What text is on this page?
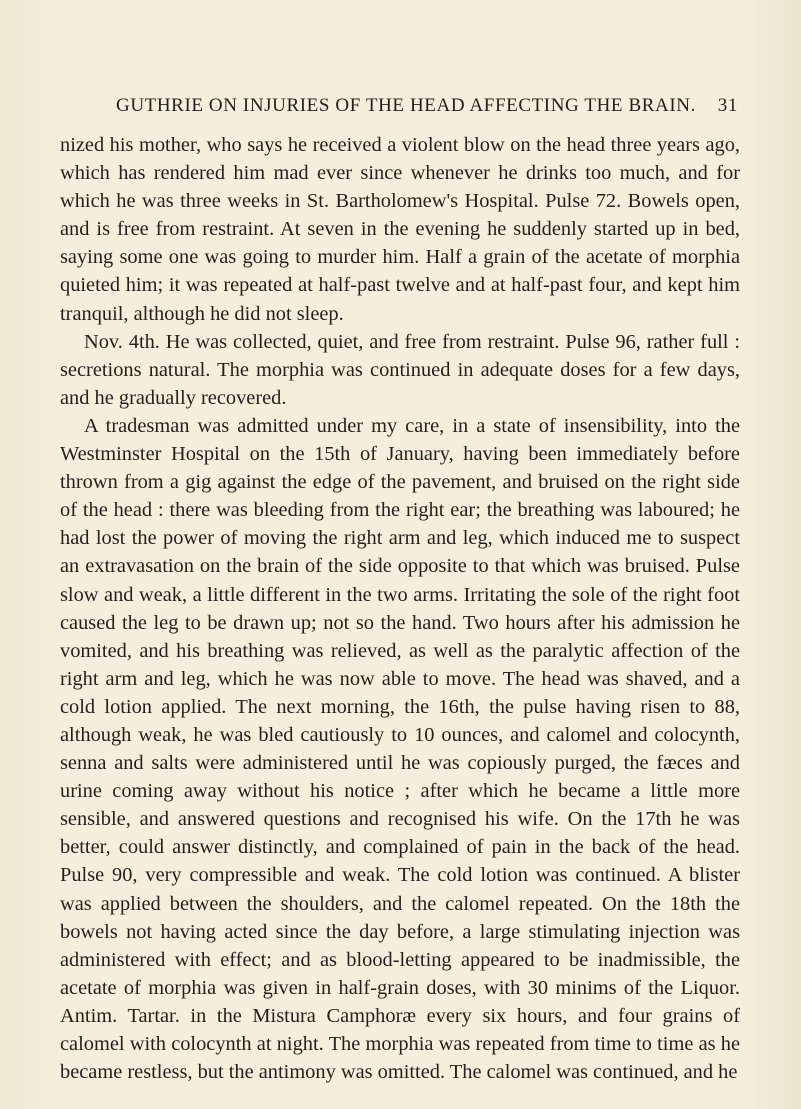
GUTHRIE ON INJURIES OF THE HEAD AFFECTING THE BRAIN. 31

nized his mother, who says he received a violent blow on the head three years ago, which has rendered him mad ever since whenever he drinks too much, and for which he was three weeks in St. Bartholomew's Hospital. Pulse 72. Bowels open, and is free from restraint. At seven in the evening he suddenly started up in bed, saying some one was going to murder him. Half a grain of the acetate of morphia quieted him; it was repeated at half-past twelve and at half-past four, and kept him tranquil, although he did not sleep.

Nov. 4th. He was collected, quiet, and free from restraint. Pulse 96, rather full : secretions natural. The morphia was continued in adequate doses for a few days, and he gradually recovered.

A tradesman was admitted under my care, in a state of insensibility, into the Westminster Hospital on the 15th of January, having been immediately before thrown from a gig against the edge of the pavement, and bruised on the right side of the head : there was bleeding from the right ear; the breathing was laboured; he had lost the power of moving the right arm and leg, which induced me to suspect an extravasation on the brain of the side opposite to that which was bruised. Pulse slow and weak, a little different in the two arms. Irritating the sole of the right foot caused the leg to be drawn up; not so the hand. Two hours after his admission he vomited, and his breathing was relieved, as well as the paralytic affection of the right arm and leg, which he was now able to move. The head was shaved, and a cold lotion applied. The next morning, the 16th, the pulse having risen to 88, although weak, he was bled cautiously to 10 ounces, and calomel and colocynth, senna and salts were administered until he was copiously purged, the fæces and urine coming away without his notice ; after which he became a little more sensible, and answered questions and recognised his wife. On the 17th he was better, could answer distinctly, and complained of pain in the back of the head. Pulse 90, very compressible and weak. The cold lotion was continued. A blister was applied between the shoulders, and the calomel repeated. On the 18th the bowels not having acted since the day before, a large stimulating injection was administered with effect; and as blood-letting appeared to be inadmissible, the acetate of morphia was given in half-grain doses, with 30 minims of the Liquor. Antim. Tartar. in the Mistura Camphoræ every six hours, and four grains of calomel with colocynth at night. The morphia was repeated from time to time as he became restless, but the antimony was omitted. The calomel was continued, and he
